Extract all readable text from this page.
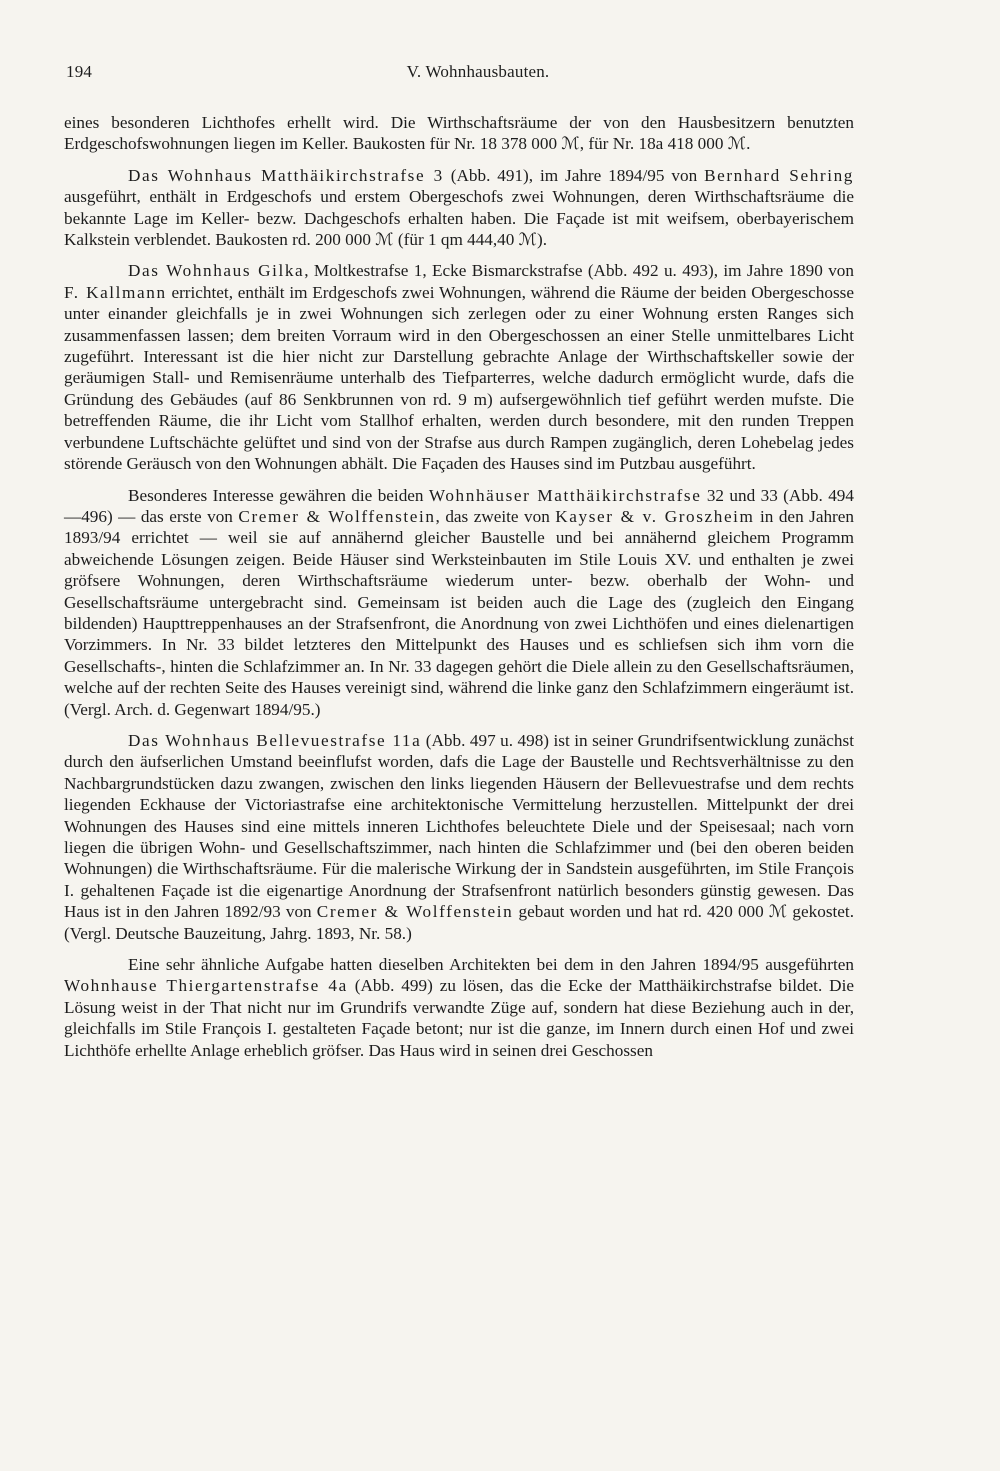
194	V. Wohnhausbauten.

eines besonderen Lichthofes erhellt wird. Die Wirthschaftsräume der von den Hausbesitzern benutzten Erdgeschofswohnungen liegen im Keller. Baukosten für Nr. 18 378 000 ℳ, für Nr. 18a 418 000 ℳ.

Das Wohnhaus Matthäikirchstrafse 3 (Abb. 491), im Jahre 1894/95 von Bernhard Sehring ausgeführt, enthält in Erdgeschofs und erstem Obergeschofs zwei Wohnungen, deren Wirthschaftsräume die bekannte Lage im Keller- bezw. Dachgeschofs erhalten haben. Die Façade ist mit weifsem, oberbayerischem Kalkstein verblendet. Baukosten rd. 200 000 ℳ (für 1 qm 444,40 ℳ).

Das Wohnhaus Gilka, Moltkestrafse 1, Ecke Bismarckstrafse (Abb. 492 u. 493), im Jahre 1890 von F. Kallmann errichtet, enthält im Erdgeschofs zwei Wohnungen, während die Räume der beiden Obergeschosse unter einander gleichfalls je in zwei Wohnungen sich zerlegen oder zu einer Wohnung ersten Ranges sich zusammenfassen lassen; dem breiten Vorraum wird in den Obergeschossen an einer Stelle unmittelbares Licht zugeführt. Interessant ist die hier nicht zur Darstellung gebrachte Anlage der Wirthschaftskeller sowie der geräumigen Stall- und Remisenräume unterhalb des Tiefparterres, welche dadurch ermöglicht wurde, dafs die Gründung des Gebäudes (auf 86 Senkbrunnen von rd. 9 m) aufsergewöhnlich tief geführt werden mufste. Die betreffenden Räume, die ihr Licht vom Stallhof erhalten, werden durch besondere, mit den runden Treppen verbundene Luftschächte gelüftet und sind von der Strafse aus durch Rampen zugänglich, deren Lohebelag jedes störende Geräusch von den Wohnungen abhält. Die Façaden des Hauses sind im Putzbau ausgeführt.

Besonderes Interesse gewähren die beiden Wohnhäuser Matthäikirchstrafse 32 und 33 (Abb. 494—496) — das erste von Cremer & Wolffenstein, das zweite von Kayser & v. Groszheim in den Jahren 1893/94 errichtet — weil sie auf annähernd gleicher Baustelle und bei annähernd gleichem Programm abweichende Lösungen zeigen. Beide Häuser sind Werksteinbauten im Stile Louis XV. und enthalten je zwei gröfsere Wohnungen, deren Wirthschaftsräume wiederum unter- bezw. oberhalb der Wohn- und Gesellschaftsräume untergebracht sind. Gemeinsam ist beiden auch die Lage des (zugleich den Eingang bildenden) Haupttreppenhauses an der Strafsenfront, die Anordnung von zwei Lichthöfen und eines dielenartigen Vorzimmers. In Nr. 33 bildet letzteres den Mittelpunkt des Hauses und es schliefsen sich ihm vorn die Gesellschafts-, hinten die Schlafzimmer an. In Nr. 33 dagegen gehört die Diele allein zu den Gesellschaftsräumen, welche auf der rechten Seite des Hauses vereinigt sind, während die linke ganz den Schlafzimmern eingeräumt ist. (Vergl. Arch. d. Gegenwart 1894/95.)

Das Wohnhaus Bellevuestrafse 11a (Abb. 497 u. 498) ist in seiner Grundrifsentwicklung zunächst durch den äufserlichen Umstand beeinflufst worden, dafs die Lage der Baustelle und Rechtsverhältnisse zu den Nachbargrundstücken dazu zwangen, zwischen den links liegenden Häusern der Bellevuestrafse und dem rechts liegenden Eckhause der Victoriastrafse eine architektonische Vermittelung herzustellen. Mittelpunkt der drei Wohnungen des Hauses sind eine mittels inneren Lichthofes beleuchtete Diele und der Speisesaal; nach vorn liegen die übrigen Wohn- und Gesellschaftszimmer, nach hinten die Schlafzimmer und (bei den oberen beiden Wohnungen) die Wirthschaftsräume. Für die malerische Wirkung der in Sandstein ausgeführten, im Stile François I. gehaltenen Façade ist die eigenartige Anordnung der Strafsenfront natürlich besonders günstig gewesen. Das Haus ist in den Jahren 1892/93 von Cremer & Wolffenstein gebaut worden und hat rd. 420 000 ℳ gekostet. (Vergl. Deutsche Bauzeitung, Jahrg. 1893, Nr. 58.)

Eine sehr ähnliche Aufgabe hatten dieselben Architekten bei dem in den Jahren 1894/95 ausgeführten Wohnhause Thiergartenstrafse 4a (Abb. 499) zu lösen, das die Ecke der Matthäikirchstrafse bildet. Die Lösung weist in der That nicht nur im Grundrifs verwandte Züge auf, sondern hat diese Beziehung auch in der, gleichfalls im Stile François I. gestalteten Façade betont; nur ist die ganze, im Innern durch einen Hof und zwei Lichthöfe erhellte Anlage erheblich gröfser. Das Haus wird in seinen drei Geschossen
